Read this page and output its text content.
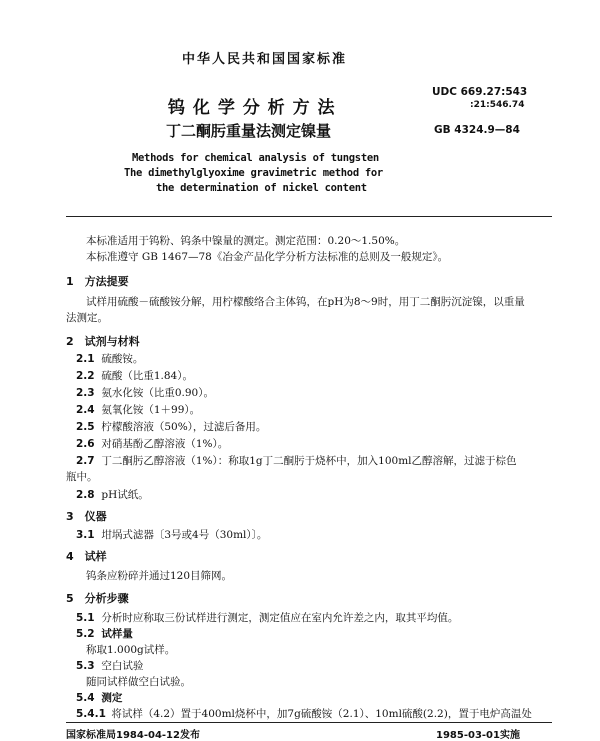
中华人民共和国国家标准
UDC 669.27:543
:21:546.74
GB 4324.9—84
钨 化 学 分 析 方 法
丁二酮肟重量法测定镍量
Methods for chemical analysis of tungsten
The dimethylglyoxime gravimetric method for
the determination of nickel content
本标准适用于钨粉、钨条中镍量的测定。测定范围：0.20～1.50%。
本标准遵守 GB 1467—78《冶金产品化学分析方法标准的总则及一般规定》。
1　方法提要
试样用硫酸－硫酸铵分解，用柠檬酸络合主体钨，在pH为8～9时，用丁二酮肟沉淀镍，以重量
法测定。
2　试剂与材料
2.1 硫酸铵。
2.2 硫酸（比重1.84）。
2.3 氨水化铵（比重0.90）。
2.4 氨氧化铵（1＋99）。
2.5 柠檬酸溶液（50%），过滤后备用。
2.6 对硝基酚乙醇溶液（1%）。
2.7 丁二酮肟乙醇溶液（1%）：称取1g丁二酮肟于烧杯中，加入100ml乙醇溶解，过滤于棕色
瓶中。
2.8 pH试纸。
3　仪器
3.1 坩埚式滤器〔3号或4号（30ml）〕。
4　试样
钨条应粉碎并通过120目筛网。
5　分析步骤
5.1 分析时应称取三份试样进行测定，测定值应在室内允许差之内，取其平均值。
5.2 试样量
称取1.000g试样。
5.3 空白试验
随同试样做空白试验。
5.4 测定
5.4.1 将试样（4.2）置于400ml烧杯中，加7g硫酸铵（2.1）、10ml硫酸(2.2)，置于电炉高温处
国家标准局1984-04-12发布	1985-03-01实施
